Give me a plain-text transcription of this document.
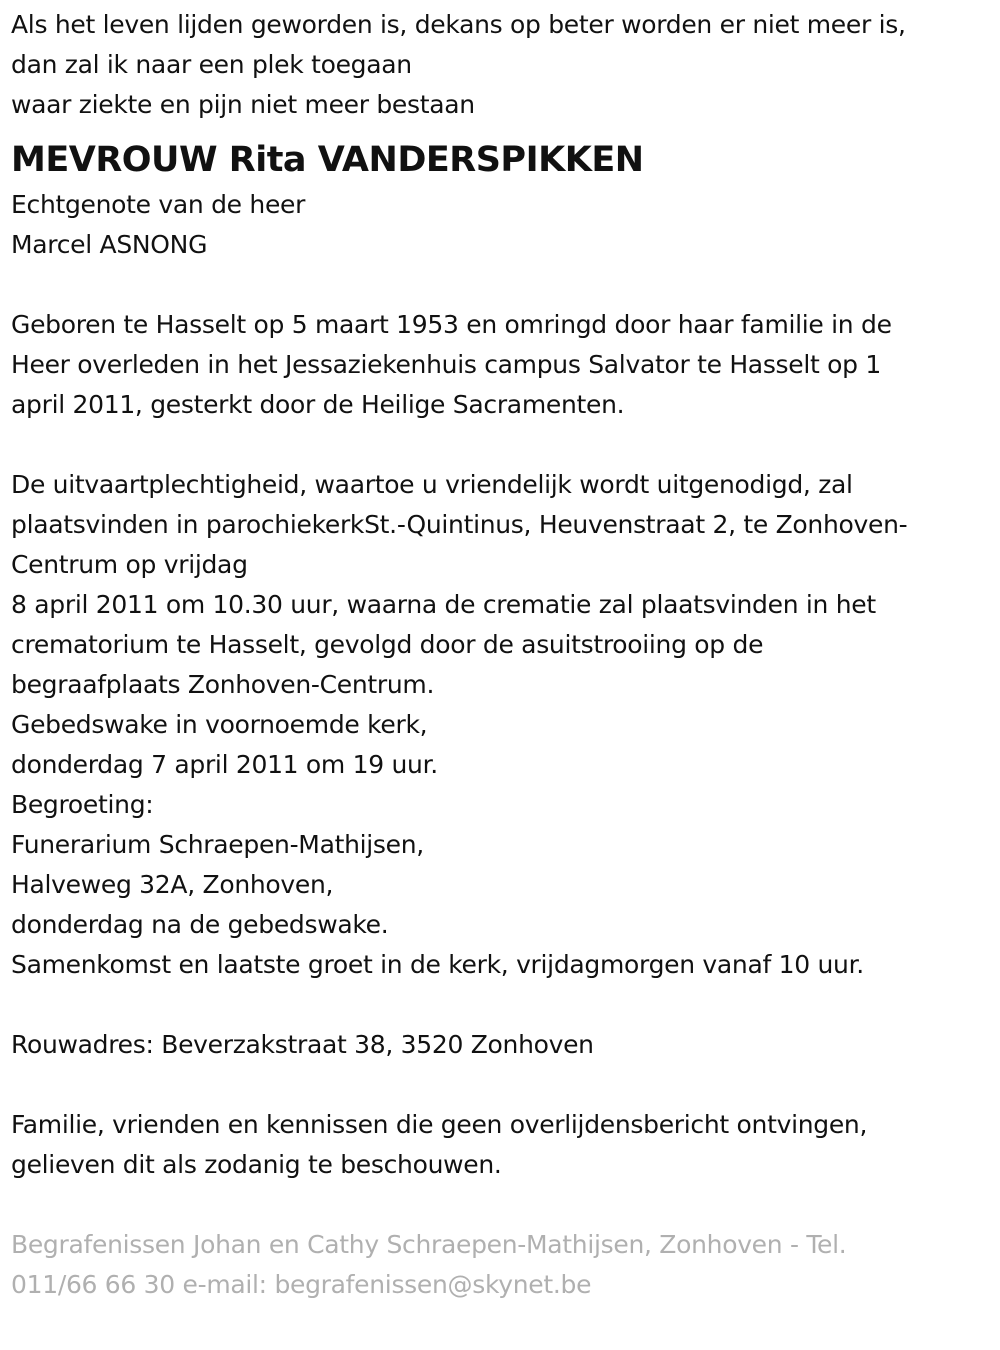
Als het leven lijden geworden is, dekans op beter worden er niet meer is,
dan zal ik naar een plek toegaan
waar ziekte en pijn niet meer bestaan
MEVROUW Rita VANDERSPIKKEN
Echtgenote van de heer
Marcel ASNONG
Geboren te Hasselt op 5 maart 1953 en omringd door haar familie in de
Heer overleden in het Jessaziekenhuis campus Salvator te Hasselt op 1
april 2011, gesterkt door de Heilige Sacramenten.
De uitvaartplechtigheid, waartoe u vriendelijk wordt uitgenodigd, zal
plaatsvinden in parochiekerkSt.-Quintinus, Heuvenstraat 2, te Zonhoven-
Centrum op vrijdag
8 april 2011 om 10.30 uur, waarna de crematie zal plaatsvinden in het
crematorium te Hasselt, gevolgd door de asuitstrooiing op de
begraafplaats Zonhoven-Centrum.
Gebedswake in voornoemde kerk,
donderdag 7 april 2011 om 19 uur.
Begroeting:
Funerarium Schraepen-Mathijsen,
Halveweg 32A, Zonhoven,
donderdag na de gebedswake.
Samenkomst en laatste groet in de kerk, vrijdagmorgen vanaf 10 uur.
Rouwadres: Beverzakstraat 38, 3520 Zonhoven
Familie, vrienden en kennissen die geen overlijdensbericht ontvingen,
gelieven dit als zodanig te beschouwen.
Begrafenissen Johan en Cathy Schraepen-Mathijsen, Zonhoven - Tel.
011/66 66 30 e-mail: begrafenissen@skynet.be
